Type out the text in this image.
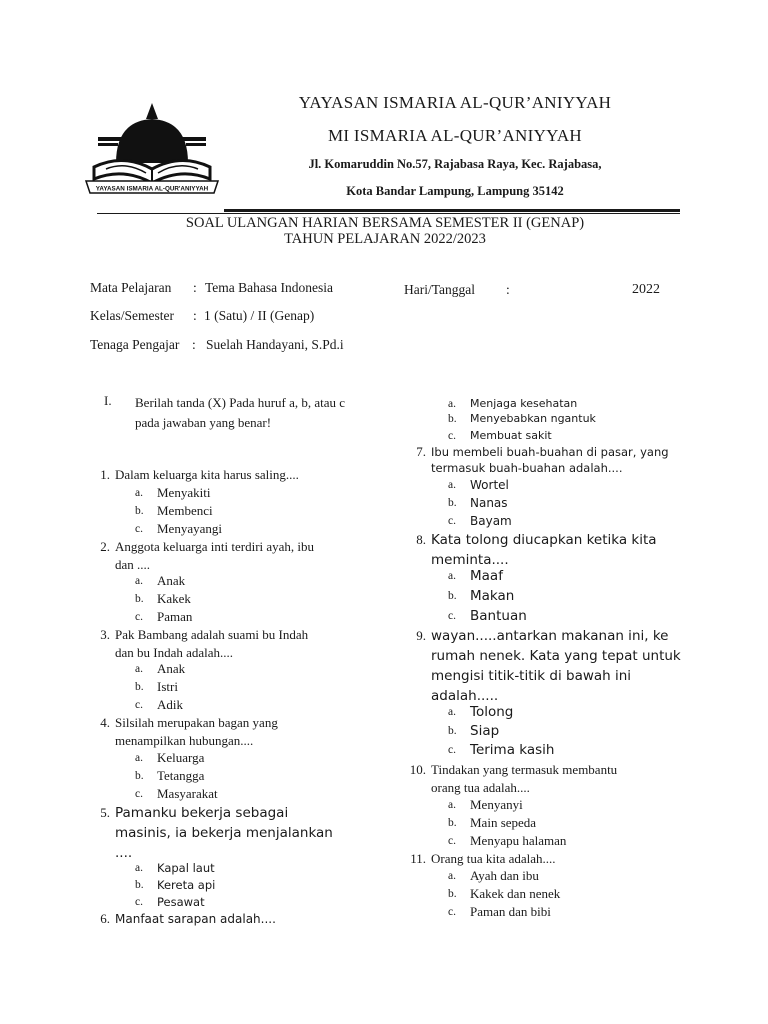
YAYASAN ISMARIA AL-QUR'ANIYYAH
YAYASAN ISMARIA AL-QUR’ANIYYAH
MI ISMARIA AL-QUR’ANIYYAH
Jl. Komaruddin No.57, Rajabasa Raya, Kec. Rajabasa,
Kota Bandar Lampung, Lampung 35142
SOAL ULANGAN HARIAN BERSAMA SEMESTER II (GENAP)
TAHUN PELAJARAN 2022/2023
Mata Pelajaran : Tema Bahasa Indonesia
Kelas/Semester : 1 (Satu) / II (Genap)
Tenaga Pengajar : Suelah Handayani, S.Pd.i
Hari/Tanggal :	2022
I. Berilah tanda (X) Pada huruf a, b, atau c
pada jawaban yang benar!
1. Dalam keluarga kita harus saling....
a. Menyakiti
b. Membenci
c. Menyayangi
2. Anggota keluarga inti terdiri ayah, ibu
dan ....
a. Anak
b. Kakek
c. Paman
3. Pak Bambang adalah suami bu Indah
dan bu Indah adalah....
a. Anak
b. Istri
c. Adik
4. Silsilah merupakan bagan yang
menampilkan hubungan....
a. Keluarga
b. Tetangga
c. Masyarakat
5. Pamanku bekerja sebagai
masinis, ia bekerja menjalankan
....
a. Kapal laut
b. Kereta api
c. Pesawat
6. Manfaat sarapan adalah....
a. Menjaga kesehatan
b. Menyebabkan ngantuk
c. Membuat sakit
7. Ibu membeli buah-buahan di pasar, yang
termasuk buah-buahan adalah....
a. Wortel
b. Nanas
c. Bayam
8. Kata tolong diucapkan ketika kita
meminta....
a. Maaf
b. Makan
c. Bantuan
9. wayan.....antarkan makanan ini, ke
rumah nenek. Kata yang tepat untuk
mengisi titik-titik di bawah ini
adalah.....
a. Tolong
b. Siap
c. Terima kasih
10. Tindakan yang termasuk membantu
orang tua adalah....
a. Menyanyi
b. Main sepeda
c. Menyapu halaman
11. Orang tua kita adalah....
a. Ayah dan ibu
b. Kakek dan nenek
c. Paman dan bibi
